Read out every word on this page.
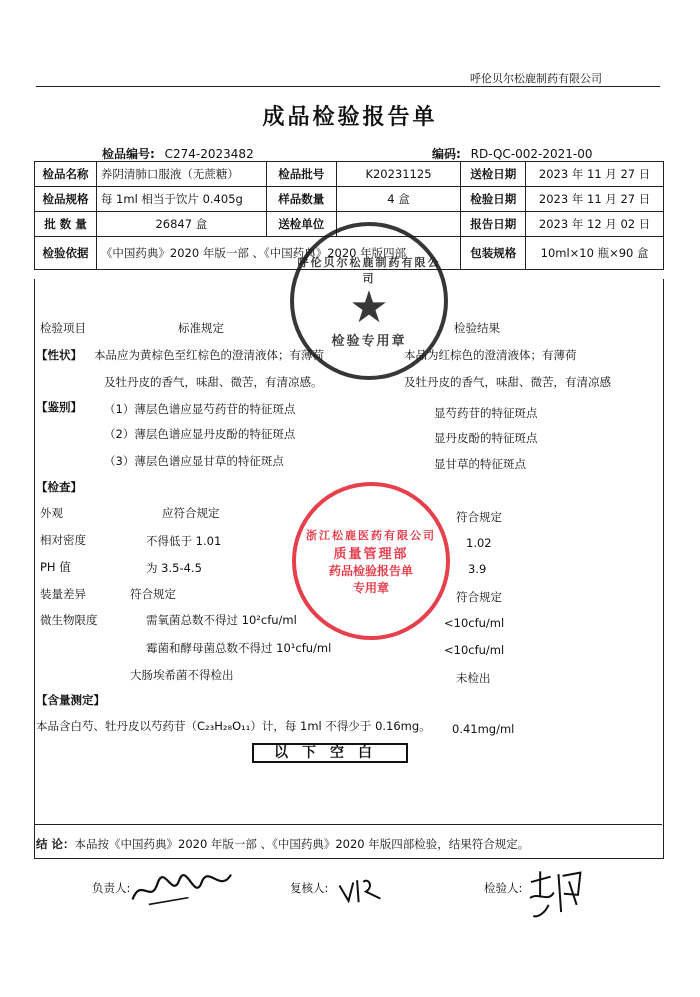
呼伦贝尔松鹿制药有限公司
成品检验报告单
检品编号: C274-2023482	编码: RD-QC-002-2021-00
检品名称	养阴清肺口服液（无蔗糖）	检品批号	K20231125	送检日期	2023 年 11 月 27 日
检品规格	每 1ml 相当于饮片 0.405g	样品数量	4 盒	检验日期	2023 年 11 月 27 日
批 数 量	26847 盒	送检单位		报告日期	2023 年 12 月 02 日
检验依据	《中国药典》2020 年版一部 、《中国药典》2020 年版四部			包装规格	10ml×10 瓶×90 盒
检验项目	标准规定	检验结果
【性状】 本品应为黄棕色至红棕色的澄清液体；有薄荷
及牡丹皮的香气，味甜、微苦，有清凉感。
本品为红棕色的澄清液体；有薄荷
及牡丹皮的香气，味甜、微苦，有清凉感
【鉴别】 （1）薄层色谱应显芍药苷的特征斑点
（2）薄层色谱应显丹皮酚的特征斑点
（3）薄层色谱应显甘草的特征斑点
显芍药苷的特征斑点
显丹皮酚的特征斑点
显甘草的特征斑点
【检查】
外观	应符合规定	符合规定
相对密度	不得低于 1.01	1.02
PH 值	为 3.5-4.5	3.9
装量差异	符合规定	符合规定
微生物限度	需氧菌总数不得过 10²cfu/ml	<10cfu/ml
霉菌和酵母菌总数不得过 10¹cfu/ml	<10cfu/ml
大肠埃希菌不得检出	未检出
【含量测定】
本品含白芍、牡丹皮以芍药苷（C₂₃H₂₈O₁₁）计，每 1ml 不得少于 0.16mg。 0.41mg/ml
以下空白
结 论：本品按《中国药典》2020 年版一部 、《中国药典》2020 年版四部检验，结果符合规定。
负责人:	复核人:	检验人:
呼伦贝尔松鹿制药有限公司
★
检验专用章
浙江松鹿医药有限公司
质量管理部
药品检验报告单
专用章
